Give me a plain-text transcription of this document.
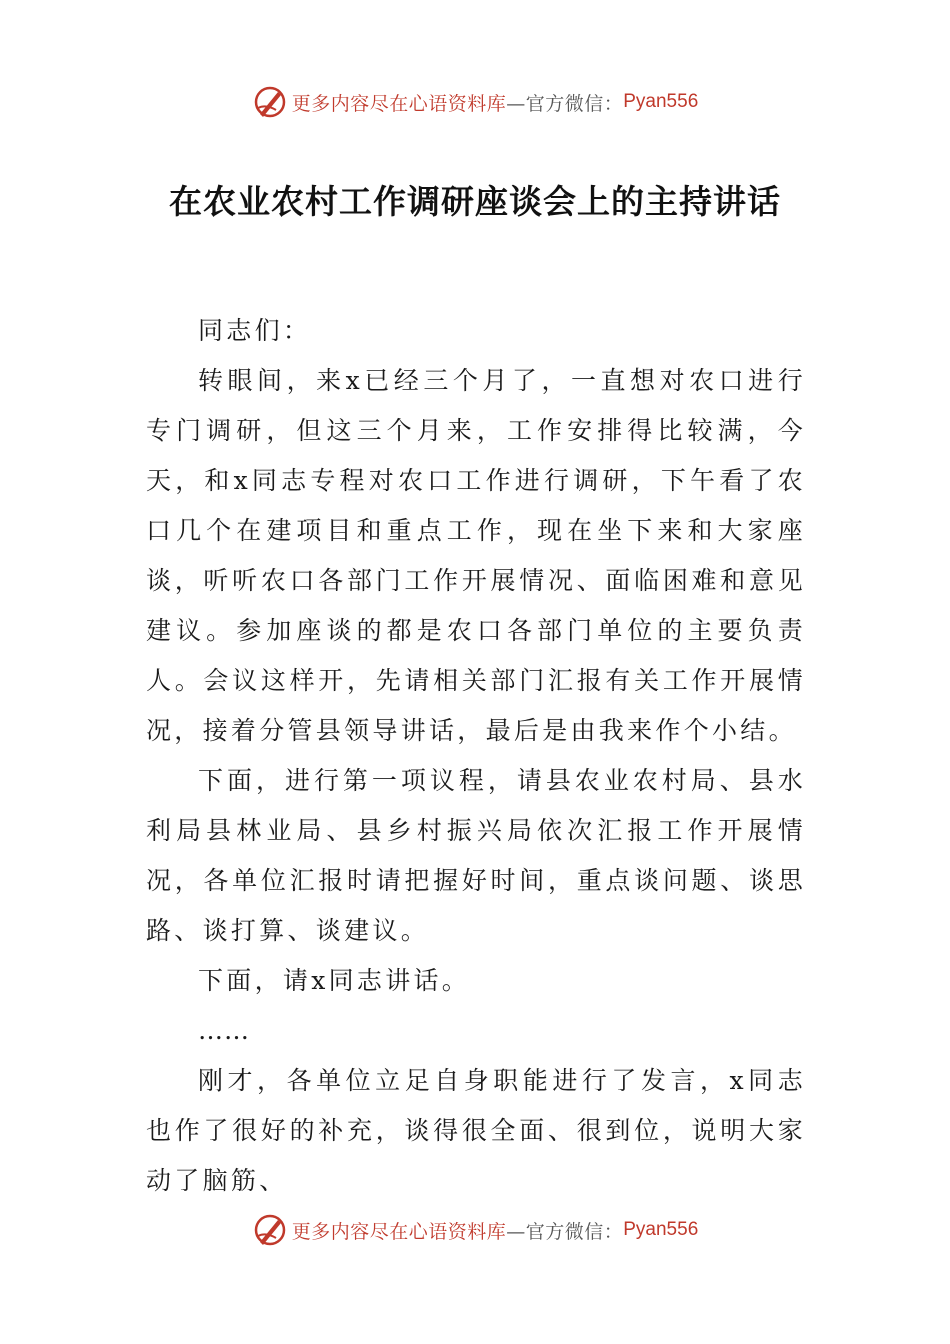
更多内容尽在心语资料库 —官方微信： Pyan556
在农业农村工作调研座谈会上的主持讲话

同志们：

转眼间，来x已经三个月了，一直想对农口进行专门调研，但这三个月来，工作安排得比较满，今天，和x同志专程对农口工作进行调研，下午看了农口几个在建项目和重点工作，现在坐下来和大家座谈，听听农口各部门工作开展情况、面临困难和意见建议。参加座谈的都是农口各部门单位的主要负责人。会议这样开，先请相关部门汇报有关工作开展情况，接着分管县领导讲话，最后是由我来作个小结。

下面，进行第一项议程，请县农业农村局、县水利局县林业局、县乡村振兴局依次汇报工作开展情况，各单位汇报时请把握好时间，重点谈问题、谈思路、谈打算、谈建议。

下面，请x同志讲话。

……

刚才，各单位立足自身职能进行了发言，x同志也作了很好的补充，谈得很全面、很到位，说明大家动了脑筋、

更多内容尽在心语资料库 —官方微信： Pyan556
